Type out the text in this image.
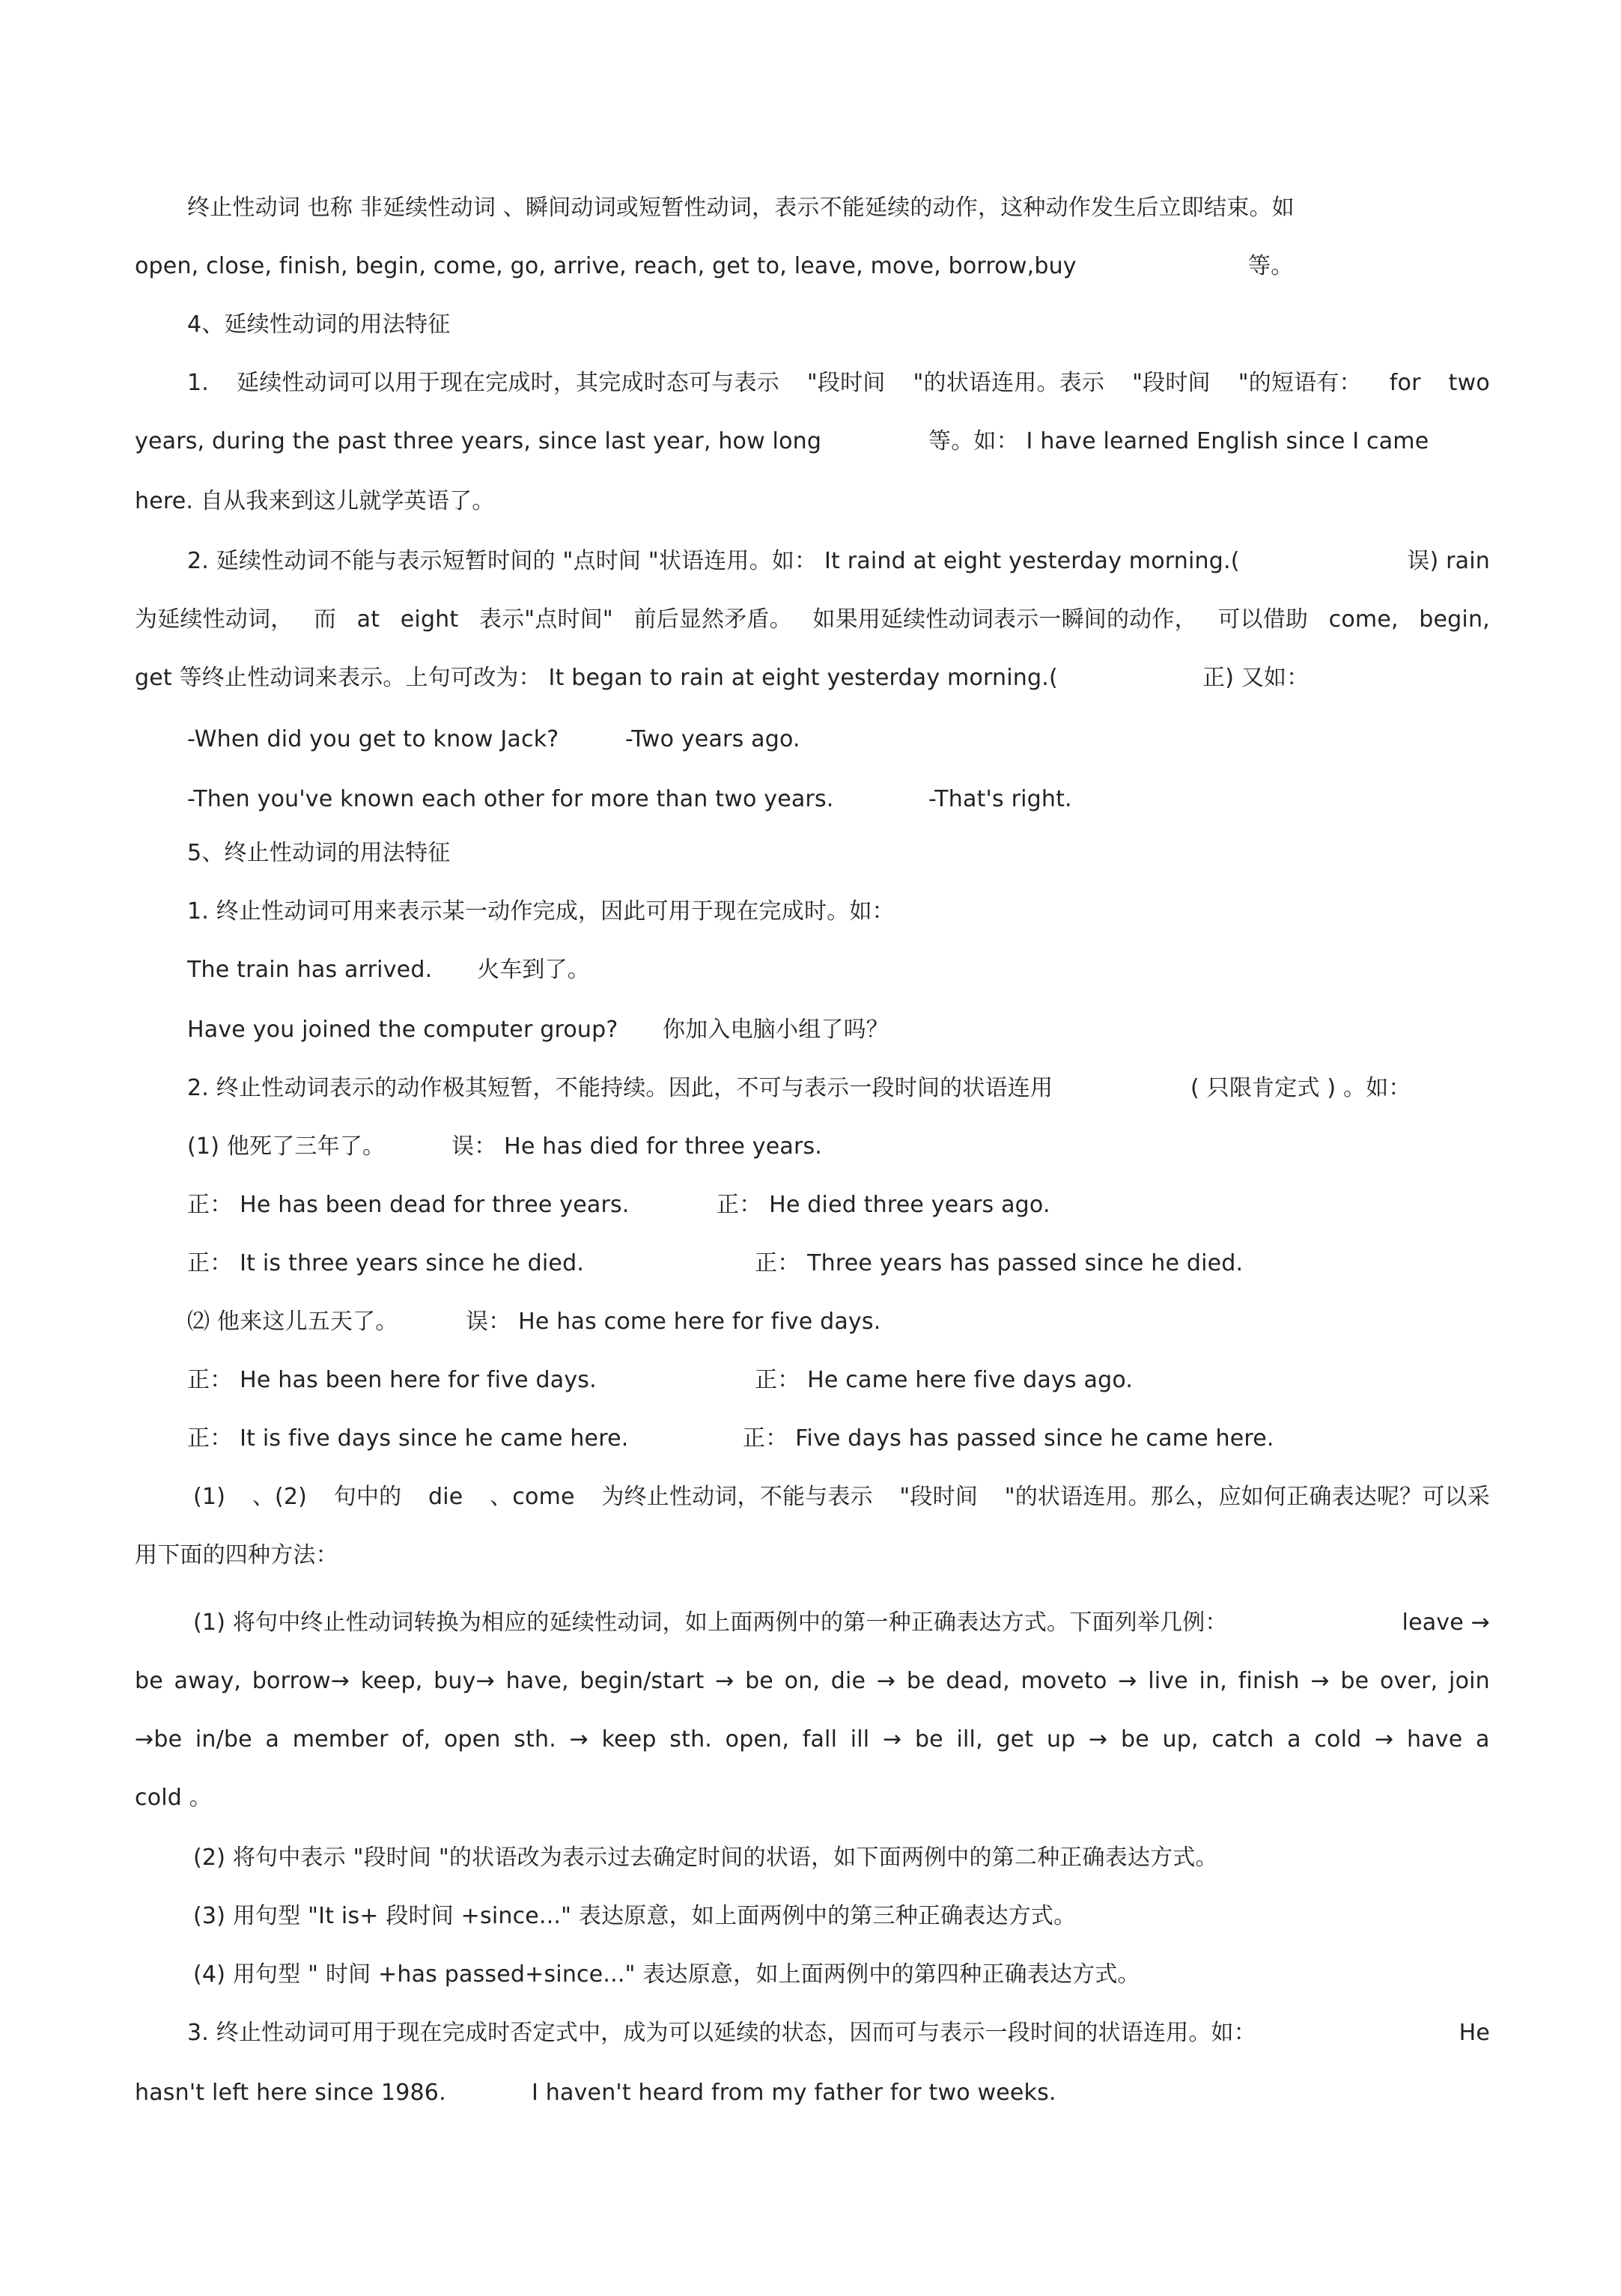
终止性动词 也称 非延续性动词 、瞬间动词或短暂性动词，表示不能延续的动作，这种动作发生后立即结束。如
open, close, finish, begin, come, go, arrive, reach, get to, leave, move, borrow,buy	等。
4、延续性动词的用法特征
1. 延续性动词可以用于现在完成时，其完成时态可与表示 "段时间 "的状语连用。表示 "段时间 "的短语有： for two
years, during the past three years, since last year, how long	等。如： I have learned English since I came
here. 自从我来到这儿就学英语了。
2. 延续性动词不能与表示短暂时间的 "点时间 "状语连用。如： It raind at eight yesterday morning.(	误) rain
为延续性动词， 而 at eight 表示"点时间" 前后显然矛盾。 如果用延续性动词表示一瞬间的动作， 可以借助 come, begin,
get 等终止性动词来表示。上句可改为： It began to rain at eight yesterday morning.(	正) 又如：
-When did you get to know Jack?	-Two years ago.
-Then you've known each other for more than two years.	-That's right.
5、终止性动词的用法特征
1. 终止性动词可用来表示某一动作完成，因此可用于现在完成时。如：
The train has arrived. 火车到了。
Have you joined the computer group? 你加入电脑小组了吗？
2. 终止性动词表示的动作极其短暂，不能持续。因此，不可与表示一段时间的状语连用	( 只限肯定式 ) 。如：
(1) 他死了三年了。	误： He has died for three years.
正： He has been dead for three years.	正： He died three years ago.
正： It is three years since he died.	正： Three years has passed since he died.
⑵ 他来这儿五天了。	误： He has come here for five days.
正： He has been here for five days.	正： He came here five days ago.
正： It is five days since he came here.	正： Five days has passed since he came here.
(1) 、(2) 句中的 die 、come 为终止性动词，不能与表示 "段时间 "的状语连用。那么，应如何正确表达呢？可以采
用下面的四种方法：
(1) 将句中终止性动词转换为相应的延续性动词，如上面两例中的第一种正确表达方式。下面列举几例：	leave →
be away, borrow→ keep, buy→ have, begin/start → be on, die → be dead, moveto → live in, finish → be over, join
→be in/be a member of, open sth. → keep sth. open, fall ill → be ill, get up → be up, catch a cold → have a
cold 。
(2) 将句中表示 "段时间 "的状语改为表示过去确定时间的状语，如下面两例中的第二种正确表达方式。
(3) 用句型 "It is+ 段时间 +since..." 表达原意，如上面两例中的第三种正确表达方式。
(4) 用句型 " 时间 +has passed+since..." 表达原意，如上面两例中的第四种正确表达方式。
3. 终止性动词可用于现在完成时否定式中，成为可以延续的状态，因而可与表示一段时间的状语连用。如：	He
hasn't left here since 1986.	I haven't heard from my father for two weeks.
